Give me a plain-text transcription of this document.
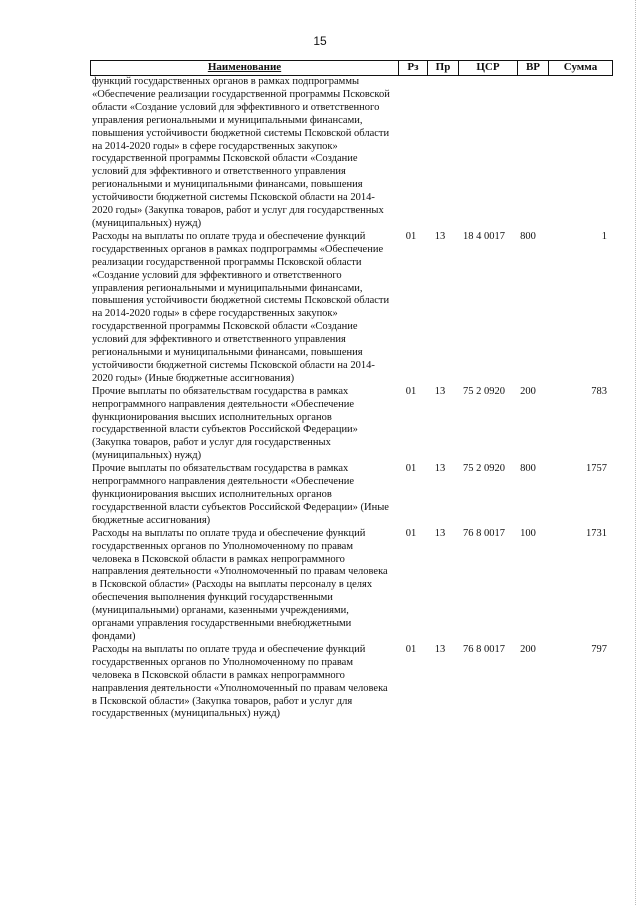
15
Наименование	Рз	Пр	ЦСР	ВР	Сумма
функций государственных органов в рамках подпрограммы «Обеспечение реализации государственной программы Псковской области «Создание условий для эффективного и ответственного управления региональными и муниципальными финансами, повышения устойчивости бюджетной системы Псковской области на 2014-2020 годы» в сфере государственных закупок» государственной программы Псковской области «Создание условий для эффективного и ответственного управления региональными и муниципальными финансами, повышения устойчивости бюджетной системы Псковской области на 2014-2020 годы» (Закупка товаров, работ и услуг для государственных (муниципальных) нужд)
Расходы на выплаты по оплате труда и обеспечение функций государственных органов в рамках подпрограммы «Обеспечение реализации государственной программы Псковской области «Создание условий для эффективного и ответственного управления региональными и муниципальными финансами, повышения устойчивости бюджетной системы Псковской области на 2014-2020 годы» в сфере государственных закупок» государственной программы Псковской области «Создание условий для эффективного и ответственного управления региональными и муниципальными финансами, повышения устойчивости бюджетной системы Псковской области на 2014-2020 годы» (Иные бюджетные ассигнования)
01	13	18 4 0017	800	1
Прочие выплаты по обязательствам государства в рамках непрограммного направления деятельности «Обеспечение функционирования высших исполнительных органов государственной власти субъектов Российской Федерации» (Закупка товаров, работ и услуг для государственных (муниципальных) нужд)
01	13	75 2 0920	200	783
Прочие выплаты по обязательствам государства в рамках непрограммного направления деятельности «Обеспечение функционирования высших исполнительных органов государственной власти субъектов Российской Федерации» (Иные бюджетные ассигнования)
01	13	75 2 0920	800	1757
Расходы на выплаты по оплате труда и обеспечение функций государственных органов по Уполномоченному по правам человека в Псковской области в рамках непрограммного направления деятельности «Уполномоченный по правам человека в Псковской области» (Расходы на выплаты персоналу в целях обеспечения выполнения функций государственными (муниципальными) органами, казенными учреждениями, органами управления государственными внебюджетными фондами)
01	13	76 8 0017	100	1731
Расходы на выплаты по оплате труда и обеспечение функций государственных органов по Уполномоченному по правам человека в Псковской области в рамках непрограммного направления деятельности «Уполномоченный по правам человека в Псковской области» (Закупка товаров, работ и услуг для государственных (муниципальных) нужд)
01	13	76 8 0017	200	797
